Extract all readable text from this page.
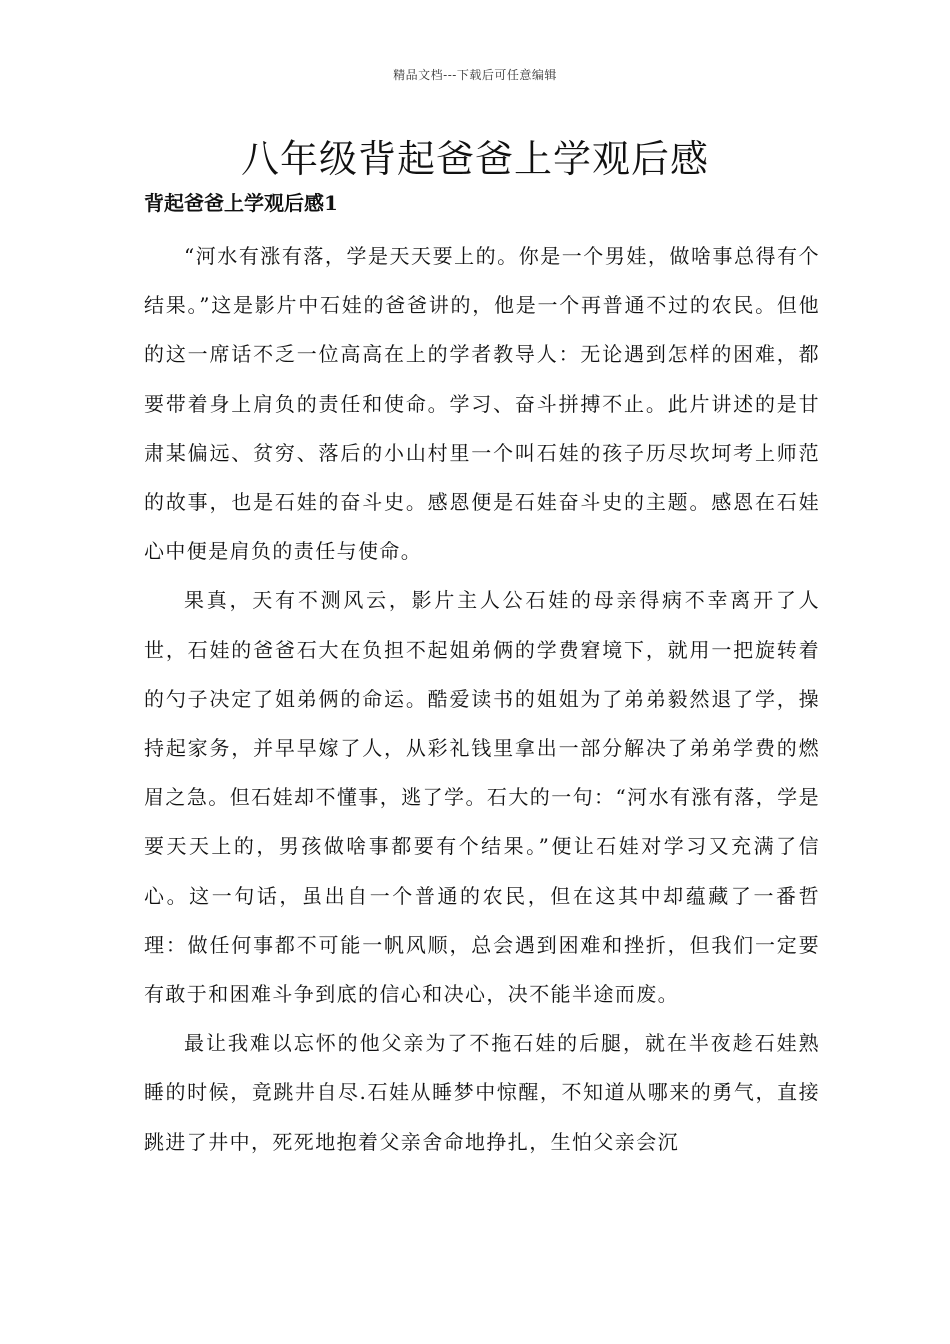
精品文档---下载后可任意编辑
八年级背起爸爸上学观后感
背起爸爸上学观后感1

“河水有涨有落，学是天天要上的。你是一个男娃，做啥事总得有个结果。”这是影片中石娃的爸爸讲的，他是一个再普通不过的农民。但他的这一席话不乏一位高高在上的学者教导人：无论遇到怎样的困难，都要带着身上肩负的责任和使命。学习、奋斗拼搏不止。此片讲述的是甘肃某偏远、贫穷、落后的小山村里一个叫石娃的孩子历尽坎坷考上师范的故事，也是石娃的奋斗史。感恩便是石娃奋斗史的主题。感恩在石娃心中便是肩负的责任与使命。

果真，天有不测风云，影片主人公石娃的母亲得病不幸离开了人世，石娃的爸爸石大在负担不起姐弟俩的学费窘境下，就用一把旋转着的勺子决定了姐弟俩的命运。酷爱读书的姐姐为了弟弟毅然退了学，操持起家务，并早早嫁了人，从彩礼钱里拿出一部分解决了弟弟学费的燃眉之急。但石娃却不懂事，逃了学。石大的一句：“河水有涨有落，学是要天天上的，男孩做啥事都要有个结果。”便让石娃对学习又充满了信心。这一句话，虽出自一个普通的农民，但在这其中却蕴藏了一番哲理：做任何事都不可能一帆风顺，总会遇到困难和挫折，但我们一定要有敢于和困难斗争到底的信心和决心，决不能半途而废。

最让我难以忘怀的他父亲为了不拖石娃的后腿，就在半夜趁石娃熟睡的时候，竟跳井自尽.石娃从睡梦中惊醒，不知道从哪来的勇气，直接跳进了井中，死死地抱着父亲舍命地挣扎，生怕父亲会沉
